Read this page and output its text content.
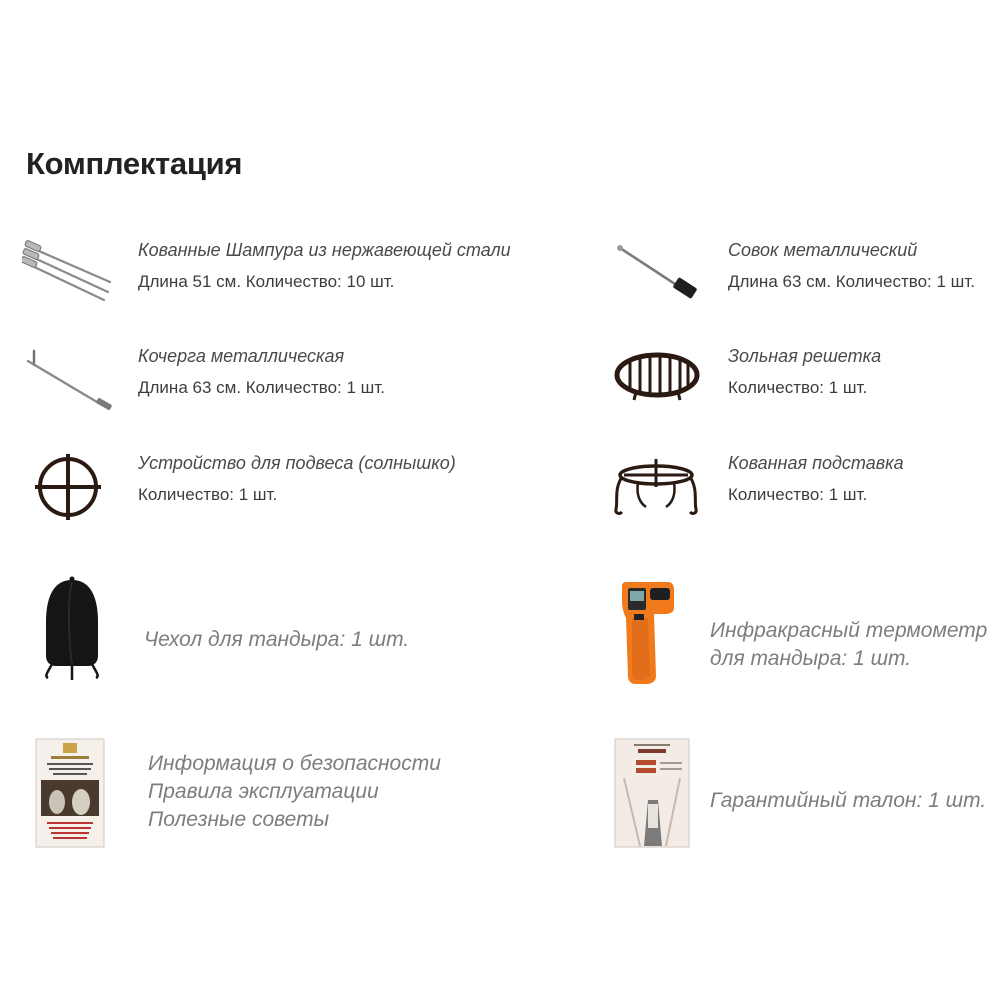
Комплектация
Кованные Шампура из нержавеющей стали
Длина 51 см. Количество: 10 шт.
Совок металлический
Длина 63 см. Количество: 1 шт.
Кочерга металлическая
Длина 63 см. Количество: 1 шт.
Зольная решетка
Количество: 1 шт.
Устройство для подвеса (солнышко)
Количество: 1 шт.
Кованная подставка
Количество: 1 шт.
Чехол для тандыра: 1 шт.	Инфракрасный термометр
для тандыра: 1 шт.
Информация о безопасности
Правила эксплуатации
Полезные советы
Гарантийный талон: 1 шт.
